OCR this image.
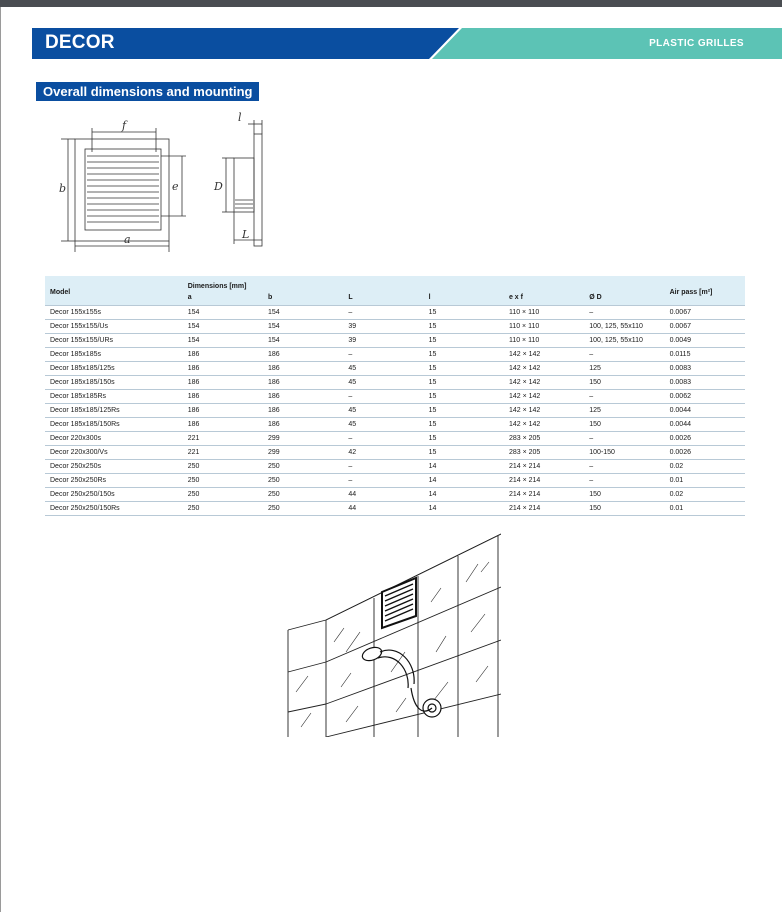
DECOR	PLASTIC GRILLES
Overall dimensions and mounting
f
b	e
a
l
D
L
Model	Dimensions [mm]						Air pass [m²]
	a	b	L	l	e x f	Ø D	
Decor 155x155s	154	154	–	15	110 × 110	–	0.0067
Decor 155x155/Us	154	154	39	15	110 × 110	100, 125, 55x110	0.0067
Decor 155x155/URs	154	154	39	15	110 × 110	100, 125, 55x110	0.0049
Decor 185x185s	186	186	–	15	142 × 142	–	0.0115
Decor 185x185/125s	186	186	45	15	142 × 142	125	0.0083
Decor 185x185/150s	186	186	45	15	142 × 142	150	0.0083
Decor 185x185Rs	186	186	–	15	142 × 142	–	0.0062
Decor 185x185/125Rs	186	186	45	15	142 × 142	125	0.0044
Decor 185x185/150Rs	186	186	45	15	142 × 142	150	0.0044
Decor 220x300s	221	299	–	15	283 × 205	–	0.0026
Decor 220x300/Vs	221	299	42	15	283 × 205	100-150	0.0026
Decor 250x250s	250	250	–	14	214 × 214	–	0.02
Decor 250x250Rs	250	250	–	14	214 × 214	–	0.01
Decor 250x250/150s	250	250	44	14	214 × 214	150	0.02
Decor 250x250/150Rs	250	250	44	14	214 × 214	150	0.01
